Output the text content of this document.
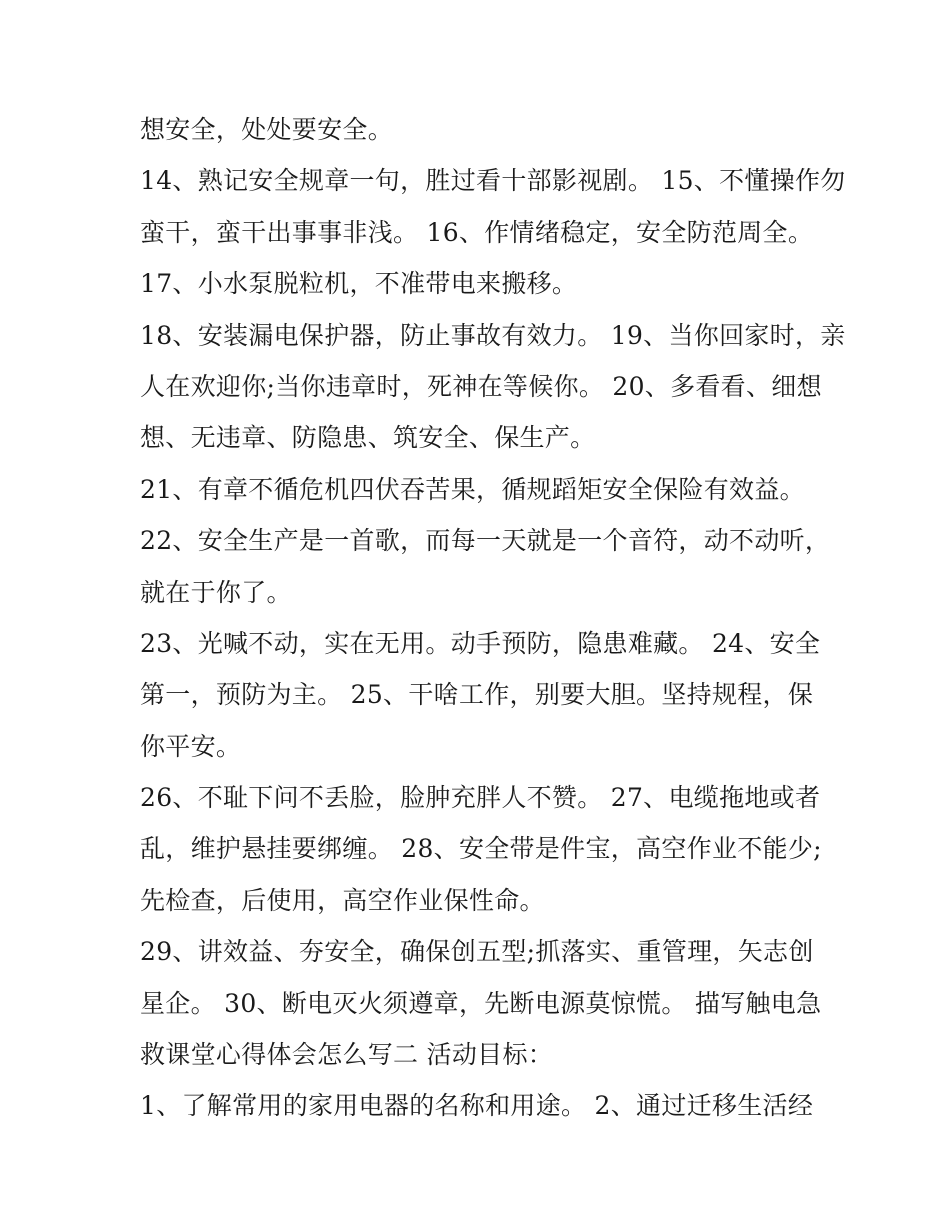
想安全，处处要安全。
14、熟记安全规章一句，胜过看十部影视剧。 15、不懂操作勿
蛮干，蛮干出事事非浅。 16、作情绪稳定，安全防范周全。
17、小水泵脱粒机，不准带电来搬移。
18、安装漏电保护器，防止事故有效力。 19、当你回家时，亲
人在欢迎你;当你违章时，死神在等候你。 20、多看看、细想
想、无违章、防隐患、筑安全、保生产。
21、有章不循危机四伏吞苦果，循规蹈矩安全保险有效益。
22、安全生产是一首歌，而每一天就是一个音符，动不动听，
就在于你了。
23、光喊不动，实在无用。动手预防，隐患难藏。 24、安全
第一，预防为主。 25、干啥工作，别要大胆。坚持规程，保
你平安。
26、不耻下问不丢脸，脸肿充胖人不赞。 27、电缆拖地或者
乱，维护悬挂要绑缠。 28、安全带是件宝，高空作业不能少;
先检查，后使用，高空作业保性命。
29、讲效益、夯安全，确保创五型;抓落实、重管理，矢志创
星企。 30、断电灭火须遵章，先断电源莫惊慌。 描写触电急
救课堂心得体会怎么写二 活动目标：
1、了解常用的家用电器的名称和用途。 2、通过迁移生活经
